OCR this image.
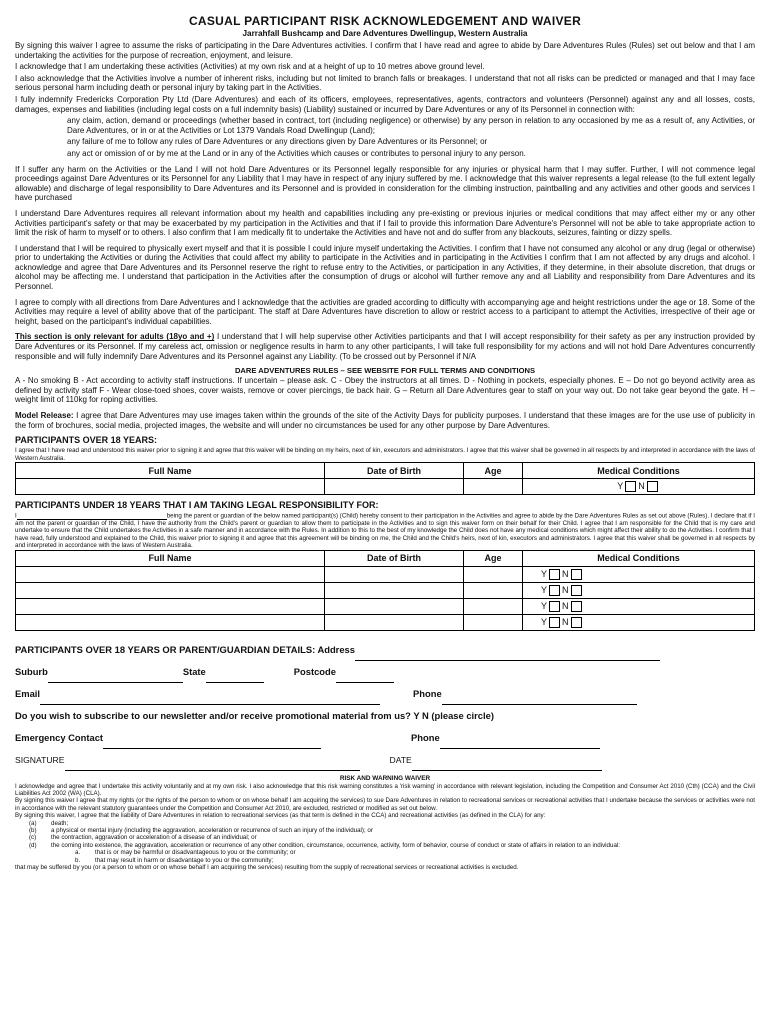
CASUAL PARTICIPANT RISK ACKNOWLEDGEMENT AND WAIVER
Jarrahfall Bushcamp and Dare Adventures Dwellingup, Western Australia

By signing this waiver I agree to assume the risks of participating in the Dare Adventures activities. I confirm that I have read and agree to abide by Dare Adventures Rules (Rules) set out below and that I am undertaking the activities for the purpose of recreation, enjoyment, and leisure.

I acknowledge that I am undertaking these activities (Activities) at my own risk and at a height of up to 10 metres above ground level.

I also acknowledge that the Activities involve a number of inherent risks, including but not limited to branch falls or breakages. I understand that not all risks can be predicted or managed and that I may face serious personal harm including death or personal injury by taking part in the Activities.

I fully indemnify Fredericks Corporation Pty Ltd (Dare Adventures) and each of its officers, employees, representatives, agents, contractors and volunteers (Personnel) against any and all losses, costs, damages, expenses and liabilities (including legal costs on a full indemnity basis) (Liability) sustained or incurred by Dare Adventures or any of its Personnel in connection with:

any claim, action, demand or proceedings (whether based in contract, tort (including negligence) or otherwise) by any person in relation to any occasioned by me as a result of, any Activities, or Dare Adventures, or in or at the Activities or Lot 1379 Vandals Road Dwellingup (Land);

any failure of me to follow any rules of Dare Adventures or any directions given by Dare Adventures or its Personnel; or

any act or omission of or by me at the Land or in any of the Activities which causes or contributes to personal injury to any person.

If I suffer any harm on the Activities or the Land I will not hold Dare Adventures or its Personnel legally responsible for any injuries or physical harm that I may suffer. Further, I will not commence legal proceedings against Dare Adventures or its Personnel for any Liability that I may have in respect of any injury suffered by me. I acknowledge that this waiver represents a legal release (to the full extent legally allowable) and discharge of legal responsibility to Dare Adventures and its Personnel and is provided in consideration for the climbing instruction, paintballing and any activities and other goods and services I have purchased

I understand Dare Adventures requires all relevant information about my health and capabilities including any pre-existing or previous injuries or medical conditions that may affect either my or any other Activities participant's safety or that may be exacerbated by my participation in the Activities and that if I fail to provide this information Dare Adventure's Personnel will not be able to take appropriate action to limit the risk of harm to myself or to others. I also confirm that I am medically fit to undertake the Activities and have not and do suffer from any blackouts, seizures, fainting or dizzy spells.

I understand that I will be required to physically exert myself and that it is possible I could injure myself undertaking the Activities. I confirm that I have not consumed any alcohol or any drug (legal or otherwise) prior to undertaking the Activities or during the Activities that could affect my ability to participate in the Activities and in participating in the Activities I confirm that I am not affected by any drugs and alcohol. I acknowledge and agree that Dare Adventures and its Personnel reserve the right to refuse entry to the Activities, or participation in any Activities, if they determine, in their absolute discretion, that drugs or alcohol may be affecting me. I understand that participation in the Activities after the consumption of drugs or alcohol will further remove any and all Liability and responsibility from Dare Adventures and its Personnel.

I agree to comply with all directions from Dare Adventures and I acknowledge that the activities are graded according to difficulty with accompanying age and height restrictions under the age or 18. Some of the Activities may require a level of ability above that of the participant. The staff at Dare Adventures have discretion to allow or restrict access to a participant to attempt the Activities, irrespective of their age or height, based on the participant's individual capabilities.

This section is only relevant for adults (18yo and +) I understand that I will help supervise other Activities participants and that I will accept responsibility for their safety as per any instruction provided by Dare Adventures or its Personnel. If my careless act, omission or negligence results in harm to any other participants, I will take full responsibility for my actions and will not hold Dare Adventures concurrently responsible and will fully indemnify Dare Adventures and its Personnel against any Liability. (To be crossed out by Personnel if N/A

DARE ADVENTURES RULES – SEE WEBSITE FOR FULL TERMS AND CONDITIONS

A - No smoking B - Act according to activity staff instructions. If uncertain – please ask. C - Obey the instructors at all times. D - Nothing in pockets, especially phones. E – Do not go beyond activity area as defined by activity staff F - Wear close-toed shoes, cover waists, remove or cover piercings, tie back hair. G – Return all Dare Adventures gear to staff on your way out. Do not take gear beyond the gate. H – weight limit of 110kg for roping activities.

Model Release: I agree that Dare Adventures may use images taken within the grounds of the site of the Activity Days for publicity purposes. I understand that these images are for the use use of publicity in the form of brochures, social media, projected images, the website and will under no circumstances be used for any other purpose by Dare Adventures.

PARTICIPANTS OVER 18 YEARS:

I agree that I have read and understood this waiver prior to signing it and agree that this waiver will be binding on my heirs, next of kin, executors and administrators. I agree that this waiver shall be governed in all respects by and interpreted in accordance with the laws of Western Australia.

Full Name	Date of Birth	Age	Medical Conditions
			Y N
PARTICIPANTS UNDER 18 YEARS THAT I AM TAKING LEGAL RESPONSIBILITY FOR:

I	being the parent or guardian of the below named participant(s) (Child) hereby consent to their participation in the Activities and agree to abide by the Dare Adventures Rules as set out above (Rules). I declare that if I am not the parent or guardian of the Child, I have the authority from the Child's parent or guardian to allow them to participate in the Activities and to sign this waiver form on their behalf for their Child. I agree that I am responsible for the Child that is my care and undertake to ensure that the Child undertakes the Activities in a safe manner and in accordance with the Rules. In addition to this to the best of my knowledge the Child does not have any medical conditions which might affect their ability to do the Activities. I confirm that I have read, fully understood and explained to the Child, this waiver prior to signing it and agree that this agreement will be binding on me, the Child and the Child's heirs, next of kin, executors and administrators. I agree that this waiver shall be governed in all respects by and interpreted in accordance with the laws of Western Australia.

Full Name	Date of Birth	Age	Medical Conditions
			Y N
			Y N
			Y N
			Y N
PARTICIPANTS OVER 18 YEARS OR PARENT/GUARDIAN DETAILS: Address
Suburb	State	Postcode
Email	Phone
Do you wish to subscribe to our newsletter and/or receive promotional material from us? Y N (please circle)
Emergency Contact	Phone
SIGNATURE	DATE
RISK AND WARNING WAIVER

I acknowledge and agree that I undertake this activity voluntarily and at my own risk. I also acknowledge that this risk warning constitutes a 'risk warning' in accordance with relevant legislation, including the Competition and Consumer Act 2010 (Cth) (CCA) and the Civil Liabilities Act 2002 (WA) (CLA).

By signing this waiver I agree that my rights (or the rights of the person to whom or on whose behalf I am acquiring the services) to sue Dare Adventures in relation to recreational services or recreational activities that I undertake because the services or activities were not in accordance with the relevant statutory guarantees under the Competition and Consumer Act 2010, are excluded, restricted or modified as set out below.

By signing this waiver, I agree that the liability of Dare Adventures in relation to recreational services (as that term is defined in the CCA) and recreational activities (as defined in the CLA) for any:

(a)	death;
(b)	a physical or mental injury (including the aggravation, acceleration or recurrence of such an injury of the individual); or
(c)	the contraction, aggravation or acceleration of a disease of an individual; or
(d)	the coming into existence, the aggravation, acceleration or recurrence of any other condition, circumstance, occurrence, activity, form of behavior, course of conduct or state of affairs in relation to an individual:
a.	that is or may be harmful or disadvantageous to you or the community; or
b.	that may result in harm or disadvantage to you or the community;

that may be suffered by you (or a person to whom or on whose behalf I am acquiring the services) resulting from the supply of recreational services or recreational activities is excluded.
